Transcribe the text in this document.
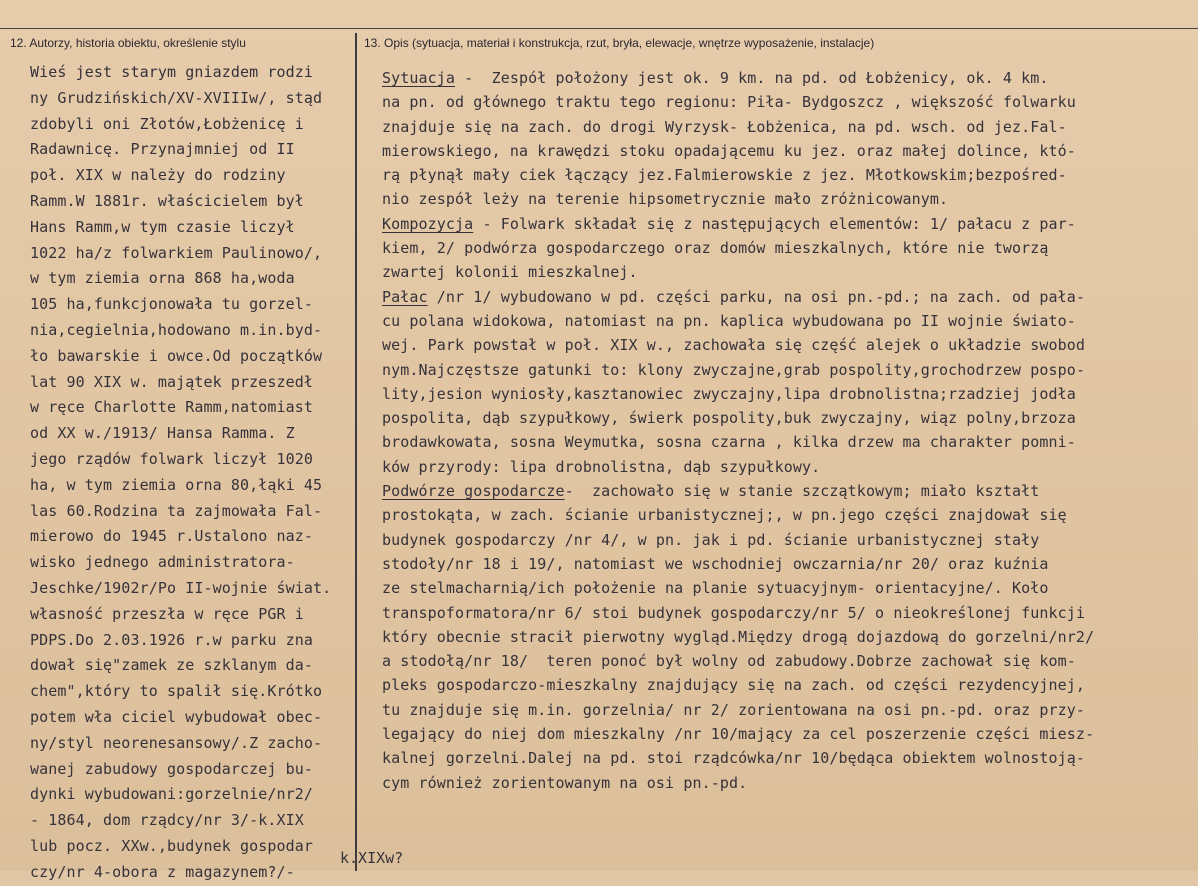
12. Autorzy, historia obiektu, określenie stylu	13. Opis (sytuacja, materiał i konstrukcja, rzut, bryła, elewacje, wnętrze wyposażenie, instalacje)
Wieś jest starym gniazdem rodzi
ny Grudzińskich/XV-XVIIIw/, stąd
zdobyli oni Złotów,Łobżenicę i
Radawnicę. Przynajmniej od II
poł. XIX w należy do rodziny
Ramm.W 1881r. właścicielem był
Hans Ramm,w tym czasie liczył
1022 ha/z folwarkiem Paulinowo/,
w tym ziemia orna 868 ha,woda
105 ha,funkcjonowała tu gorzel-
nia,cegielnia,hodowano m.in.byd-
ło bawarskie i owce.Od początków
lat 90 XIX w. majątek przeszedł
w ręce Charlotte Ramm,natomiast
od XX w./1913/ Hansa Ramma. Z
jego rządów folwark liczył 1020
ha, w tym ziemia orna 80,łąki 45
las 60.Rodzina ta zajmowała Fal-
mierowo do 1945 r.Ustalono naz-
wisko jednego administratora-
Jeschke/1902r/Po II-wojnie świat.
własność przeszła w ręce PGR i
PDPS.Do 2.03.1926 r.w parku zna
dował się"zamek ze szklanym da-
chem",który to spalił się.Krótko
potem wła ciciel wybudował obec-
ny/styl neorenesansowy/.Z zacho-
wanej zabudowy gospodarczej bu-
dynki wybudowani:gorzelnie/nr2/
- 1864, dom rządcy/nr 3/-k.XIX
lub pocz. XXw.,budynek gospodar
czy/nr 4-obora z magazynem?/-
Sytuacja -  Zespół położony jest ok. 9 km. na pd. od Łobżenicy, ok. 4 km.
na pn. od głównego traktu tego regionu: Piła- Bydgoszcz , większość folwarku
znajduje się na zach. do drogi Wyrzysk- Łobżenica, na pd. wsch. od jez.Fal-
mierowskiego, na krawędzi stoku opadającemu ku jez. oraz małej dolince, któ-
rą płynął mały ciek łączący jez.Falmierowskie z jez. Młotkowskim;bezpośred-
nio zespół leży na terenie hipsometrycznie mało zróżnicowanym.
Kompozycja - Folwark składał się z następujących elementów: 1/ pałacu z par-
kiem, 2/ podwórza gospodarczego oraz domów mieszkalnych, które nie tworzą
zwartej kolonii mieszkalnej.
Pałac /nr 1/ wybudowano w pd. części parku, na osi pn.-pd.; na zach. od pała-
cu polana widokowa, natomiast na pn. kaplica wybudowana po II wojnie świato-
wej. Park powstał w poł. XIX w., zachowała się część alejek o układzie swobod
nym.Najczęstsze gatunki to: klony zwyczajne,grab pospolity,grochodrzew pospo-
lity,jesion wyniosły,kasztanowiec zwyczajny,lipa drobnolistna;rzadziej jodła
pospolita, dąb szypułkowy, świerk pospolity,buk zwyczajny, wiąz polny,brzoza
brodawkowata, sosna Weymutka, sosna czarna , kilka drzew ma charakter pomni-
ków przyrody: lipa drobnolistna, dąb szypułkowy.
Podwórze gospodarcze-  zachowało się w stanie szczątkowym; miało kształt
prostokąta, w zach. ścianie urbanistycznej;, w pn.jego części znajdował się
budynek gospodarczy /nr 4/, w pn. jak i pd. ścianie urbanistycznej stały
stodoły/nr 18 i 19/, natomiast we wschodniej owczarnia/nr 20/ oraz kuźnia
ze stelmacharnią/ich położenie na planie sytuacyjnym- orientacyjne/. Koło
transpoformatora/nr 6/ stoi budynek gospodarczy/nr 5/ o nieokreślonej funkcji
który obecnie stracił pierwotny wygląd.Między drogą dojazdową do gorzelni/nr2/
a stodołą/nr 18/  teren ponoć był wolny od zabudowy.Dobrze zachował się kom-
pleks gospodarczo-mieszkalny znajdujący się na zach. od części rezydencyjnej,
tu znajduje się m.in. gorzelnia/ nr 2/ zorientowana na osi pn.-pd. oraz przy-
legający do niej dom mieszkalny /nr 10/mający za cel poszerzenie części miesz-
kalnej gorzelni.Dalej na pd. stoi rządcówka/nr 10/będąca obiektem wolnostoją-
cym również zorientowanym na osi pn.-pd.
k.XIXw?
